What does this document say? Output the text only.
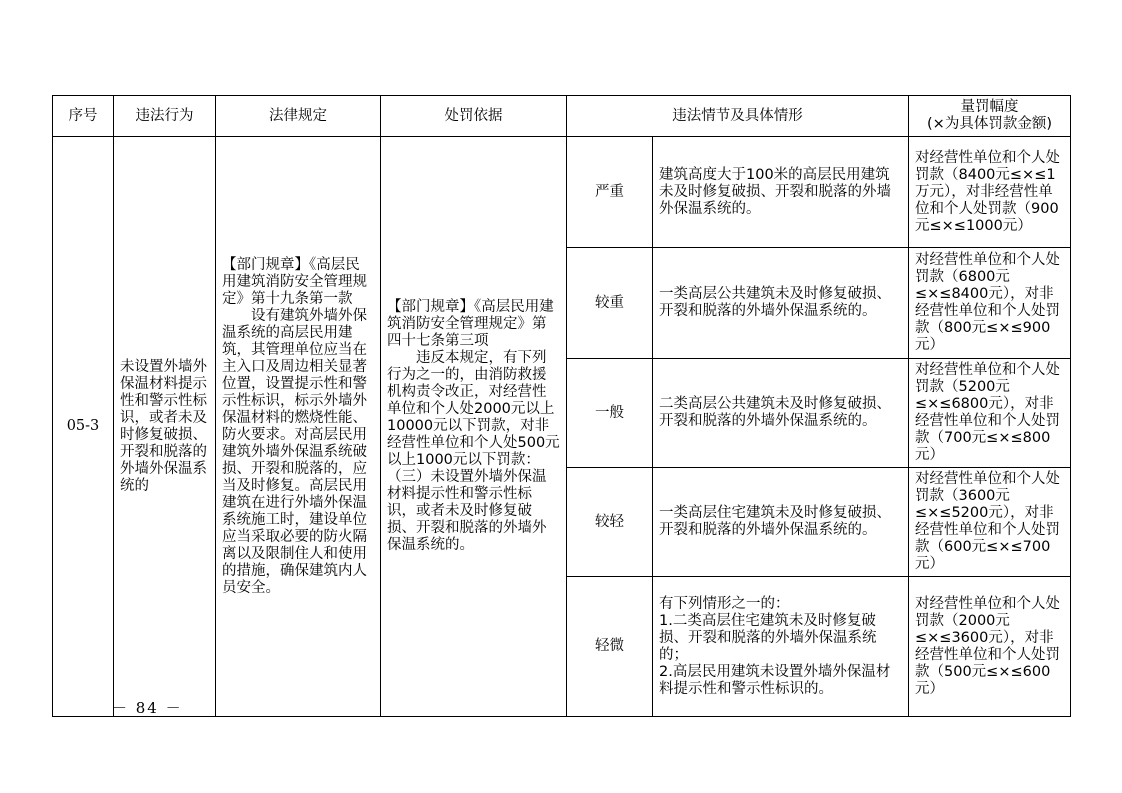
序号	违法行为	法律规定	处罚依据	违法情节及具体情形		量罚幅度
(×为具体罚款金额)

05-3	未设置外墙外保温材料提示性和警示性标识，或者未及时修复破损、开裂和脱落的外墙外保温系统的	【部门规章】《高层民用建筑消防安全管理规定》第十九条第一款
设有建筑外墙外保温系统的高层民用建筑，其管理单位应当在主入口及周边相关显著位置，设置提示性和警示性标识，标示外墙外保温材料的燃烧性能、防火要求。对高层民用建筑外墙外保温系统破损、开裂和脱落的，应当及时修复。高层民用建筑在进行外墙外保温系统施工时，建设单位应当采取必要的防火隔离以及限制住人和使用的措施，确保建筑内人员安全。	【部门规章】《高层民用建筑消防安全管理规定》第四十七条第三项
违反本规定，有下列行为之一的，由消防救援机构责令改正，对经营性单位和个人处2000元以上10000元以下罚款，对非经营性单位和个人处500元以上1000元以下罚款：（三）未设置外墙外保温材料提示性和警示性标识，或者未及时修复破损、开裂和脱落的外墙外保温系统的。	严重	建筑高度大于100米的高层民用建筑未及时修复破损、开裂和脱落的外墙外保温系统的。	对经营性单位和个人处罚款（8400元≤×≤1万元），对非经营性单位和个人处罚款（900元≤×≤1000元）
				较重	一类高层公共建筑未及时修复破损、开裂和脱落的外墙外保温系统的。	对经营性单位和个人处罚款（6800元≤×≤8400元），对非经营性单位和个人处罚款（800元≤×≤900元）
				一般	二类高层公共建筑未及时修复破损、开裂和脱落的外墙外保温系统的。	对经营性单位和个人处罚款（5200元≤×≤6800元），对非经营性单位和个人处罚款（700元≤×≤800元）
				较轻	一类高层住宅建筑未及时修复破损、开裂和脱落的外墙外保温系统的。	对经营性单位和个人处罚款（3600元≤×≤5200元），对非经营性单位和个人处罚款（600元≤×≤700元）
				轻微	有下列情形之一的：
1.二类高层住宅建筑未及时修复破损、开裂和脱落的外墙外保温系统的；
2.高层民用建筑未设置外墙外保温材料提示性和警示性标识的。	对经营性单位和个人处罚款（2000元≤×≤3600元），对非经营性单位和个人处罚款（500元≤×≤600元）
－ 84 －
